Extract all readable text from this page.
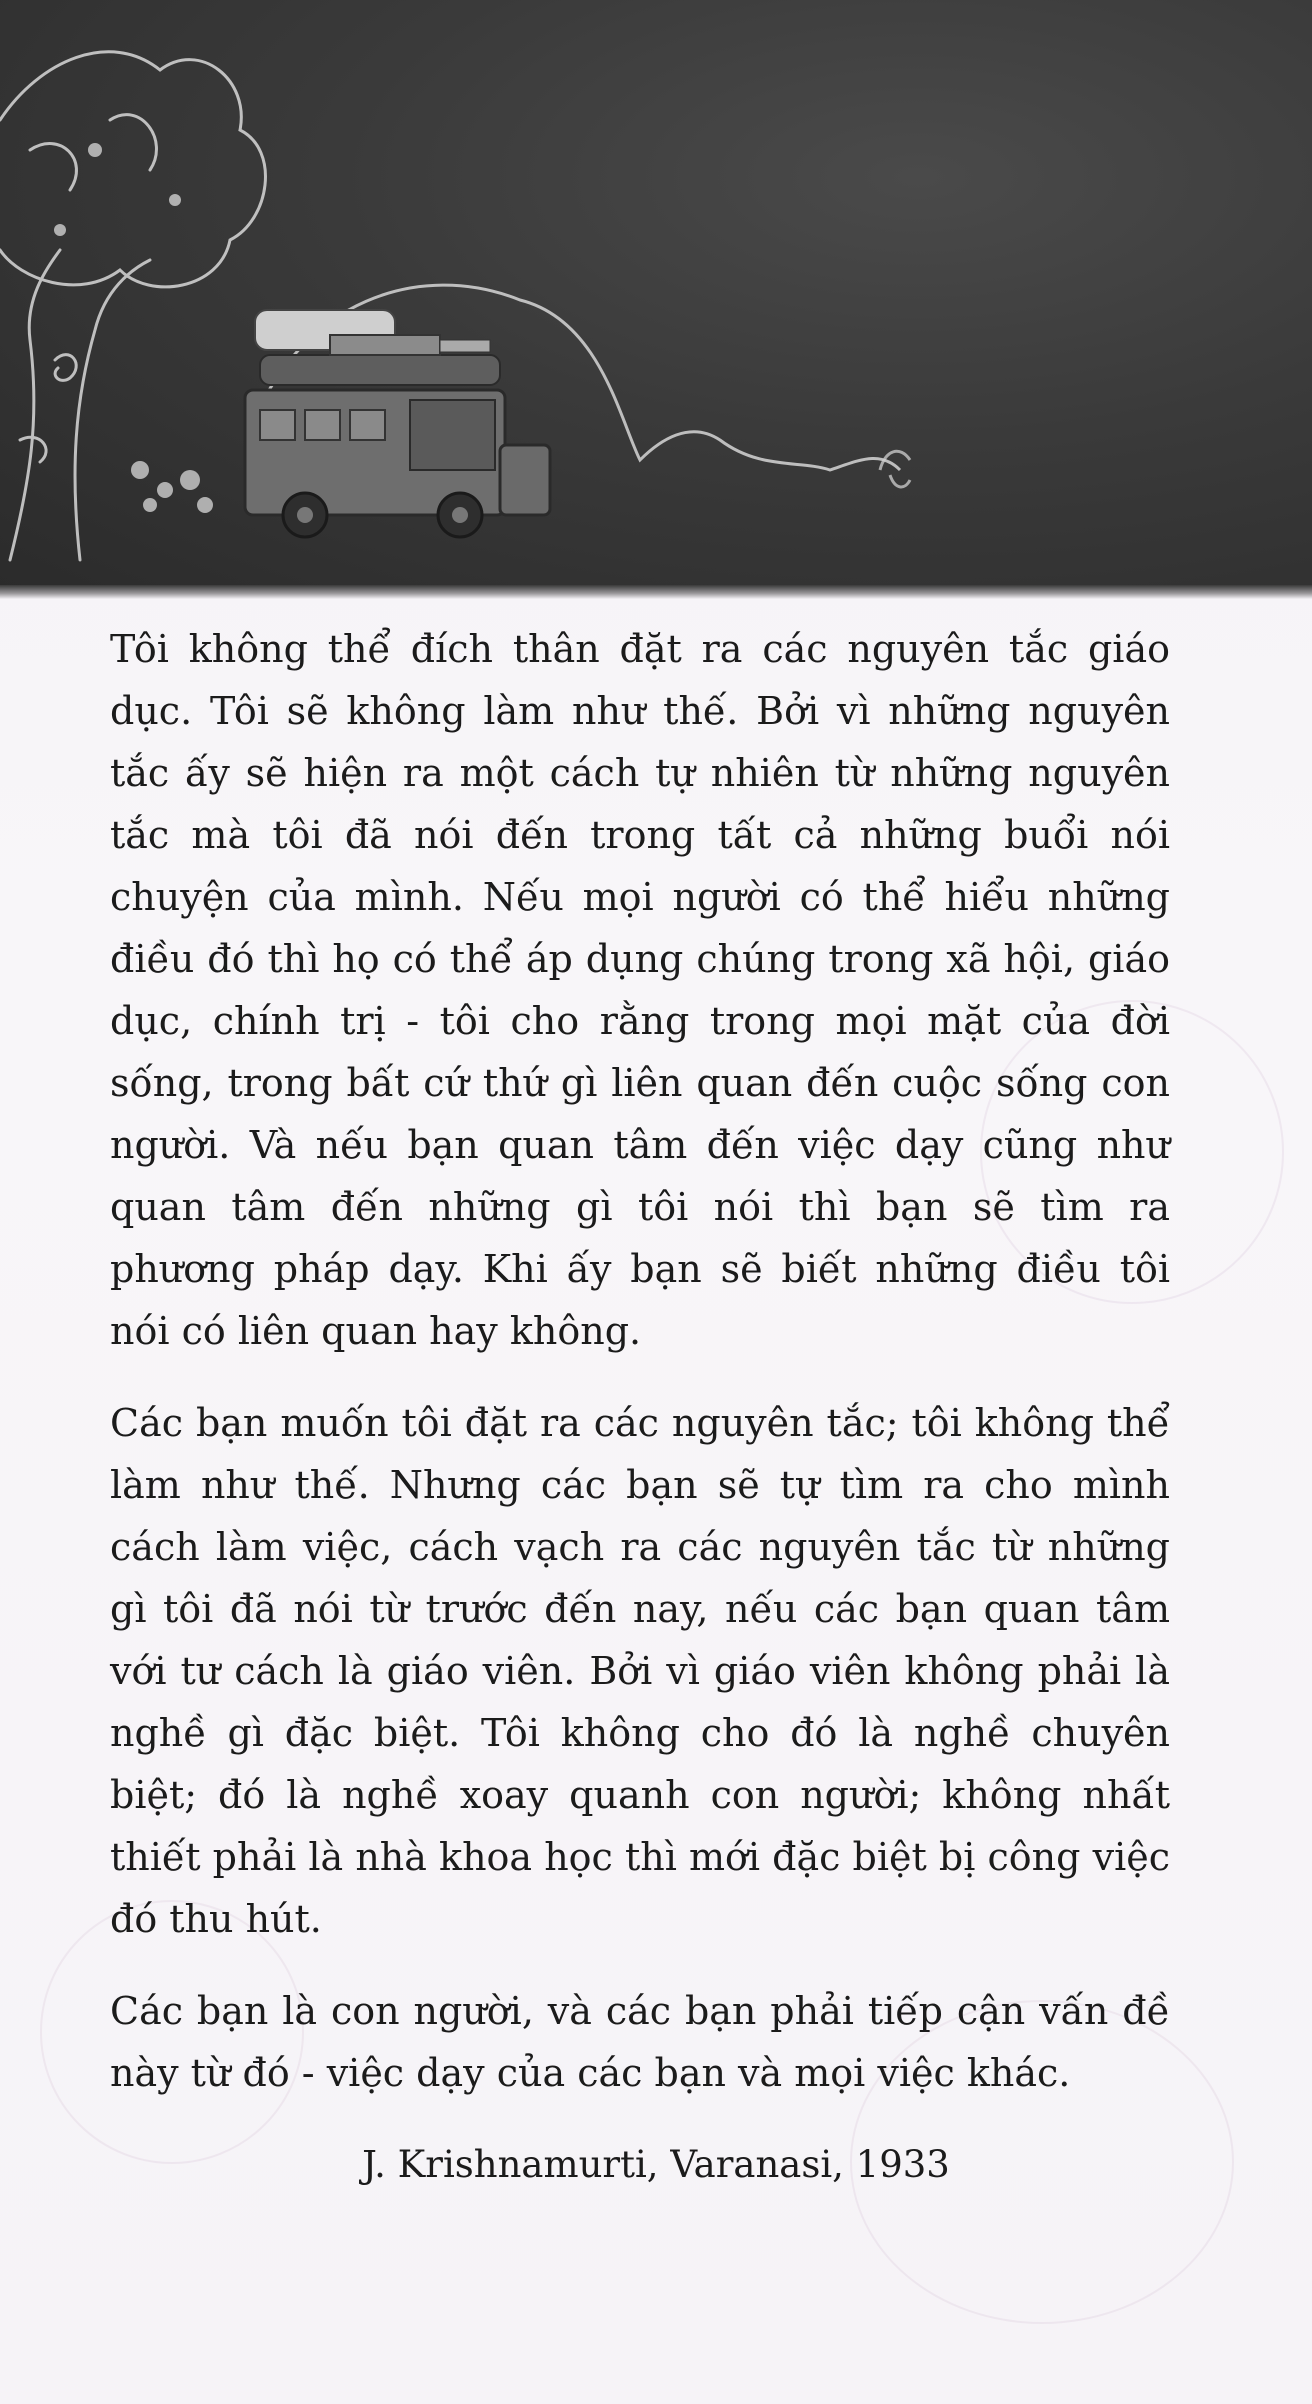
Tôi không thể đích thân đặt ra các nguyên tắc giáo dục. Tôi sẽ không làm như thế. Bởi vì những nguyên tắc ấy sẽ hiện ra một cách tự nhiên từ những nguyên tắc mà tôi đã nói đến trong tất cả những buổi nói chuyện của mình. Nếu mọi người có thể hiểu những điều đó thì họ có thể áp dụng chúng trong xã hội, giáo dục, chính trị - tôi cho rằng trong mọi mặt của đời sống, trong bất cứ thứ gì liên quan đến cuộc sống con người. Và nếu bạn quan tâm đến việc dạy cũng như quan tâm đến những gì tôi nói thì bạn sẽ tìm ra phương pháp dạy. Khi ấy bạn sẽ biết những điều tôi nói có liên quan hay không.

Các bạn muốn tôi đặt ra các nguyên tắc; tôi không thể làm như thế. Nhưng các bạn sẽ tự tìm ra cho mình cách làm việc, cách vạch ra các nguyên tắc từ những gì tôi đã nói từ trước đến nay, nếu các bạn quan tâm với tư cách là giáo viên. Bởi vì giáo viên không phải là nghề gì đặc biệt. Tôi không cho đó là nghề chuyên biệt; đó là nghề xoay quanh con người; không nhất thiết phải là nhà khoa học thì mới đặc biệt bị công việc đó thu hút.

Các bạn là con người, và các bạn phải tiếp cận vấn đề này từ đó - việc dạy của các bạn và mọi việc khác.

J. Krishnamurti, Varanasi, 1933
